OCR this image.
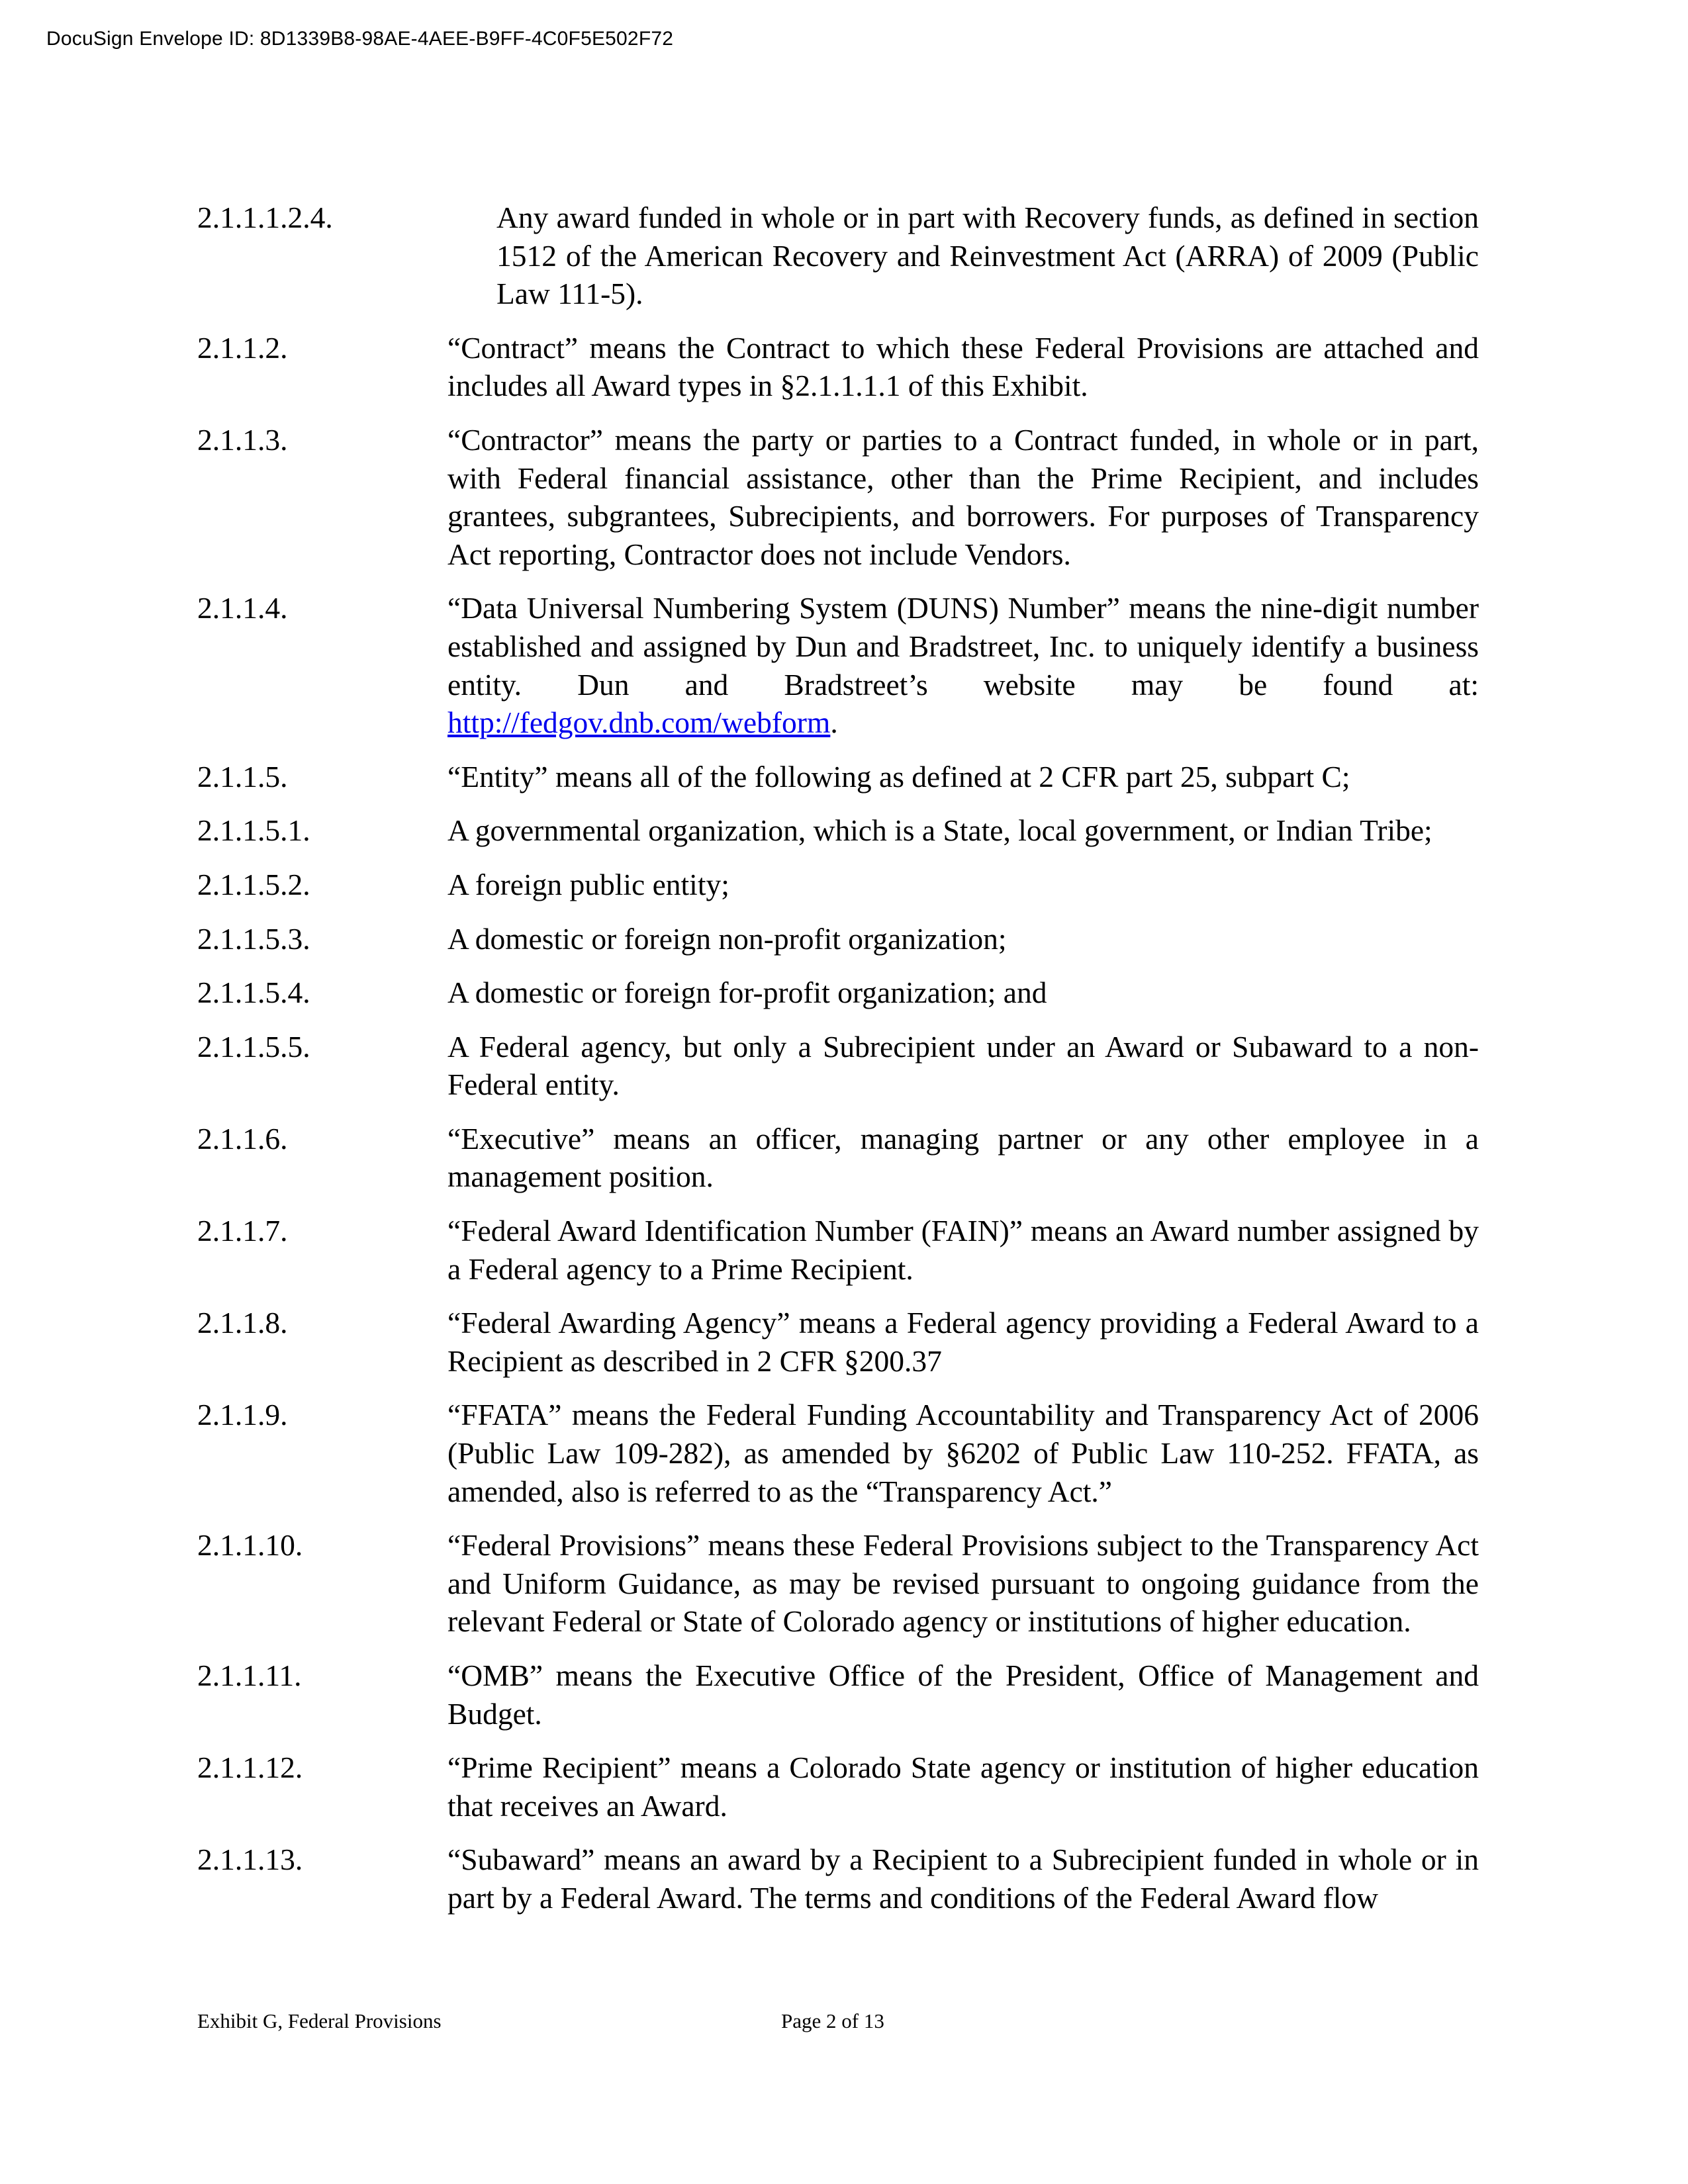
DocuSign Envelope ID: 8D1339B8-98AE-4AEE-B9FF-4C0F5E502F72
2.1.1.1.2.4.	Any award funded in whole or in part with Recovery funds, as defined in section 1512 of the American Recovery and Reinvestment Act (ARRA) of 2009 (Public Law 111-5).
2.1.1.2.	“Contract” means the Contract to which these Federal Provisions are attached and includes all Award types in §2.1.1.1.1 of this Exhibit.
2.1.1.3.	“Contractor” means the party or parties to a Contract funded, in whole or in part, with Federal financial assistance, other than the Prime Recipient, and includes grantees, subgrantees, Subrecipients, and borrowers. For purposes of Transparency Act reporting, Contractor does not include Vendors.
2.1.1.4.	“Data Universal Numbering System (DUNS) Number” means the nine-digit number established and assigned by Dun and Bradstreet, Inc. to uniquely identify a business entity. Dun and Bradstreet’s website may be found at: http://fedgov.dnb.com/webform.
2.1.1.5.	“Entity” means all of the following as defined at 2 CFR part 25, subpart C;
2.1.1.5.1.	A governmental organization, which is a State, local government, or Indian Tribe;
2.1.1.5.2.	A foreign public entity;
2.1.1.5.3.	A domestic or foreign non-profit organization;
2.1.1.5.4.	A domestic or foreign for-profit organization; and
2.1.1.5.5.	A Federal agency, but only a Subrecipient under an Award or Subaward to a non-Federal entity.
2.1.1.6.	“Executive” means an officer, managing partner or any other employee in a management position.
2.1.1.7.	“Federal Award Identification Number (FAIN)” means an Award number assigned by a Federal agency to a Prime Recipient.
2.1.1.8.	“Federal Awarding Agency” means a Federal agency providing a Federal Award to a Recipient as described in 2 CFR §200.37
2.1.1.9.	“FFATA” means the Federal Funding Accountability and Transparency Act of 2006 (Public Law 109-282), as amended by §6202 of Public Law 110-252. FFATA, as amended, also is referred to as the “Transparency Act.”
2.1.1.10.	“Federal Provisions” means these Federal Provisions subject to the Transparency Act and Uniform Guidance, as may be revised pursuant to ongoing guidance from the relevant Federal or State of Colorado agency or institutions of higher education.
2.1.1.11.	“OMB” means the Executive Office of the President, Office of Management and Budget.
2.1.1.12.	“Prime Recipient” means a Colorado State agency or institution of higher education that receives an Award.
2.1.1.13.	“Subaward” means an award by a Recipient to a Subrecipient funded in whole or in part by a Federal Award. The terms and conditions of the Federal Award flow
Exhibit G, Federal Provisions	Page 2 of 13
